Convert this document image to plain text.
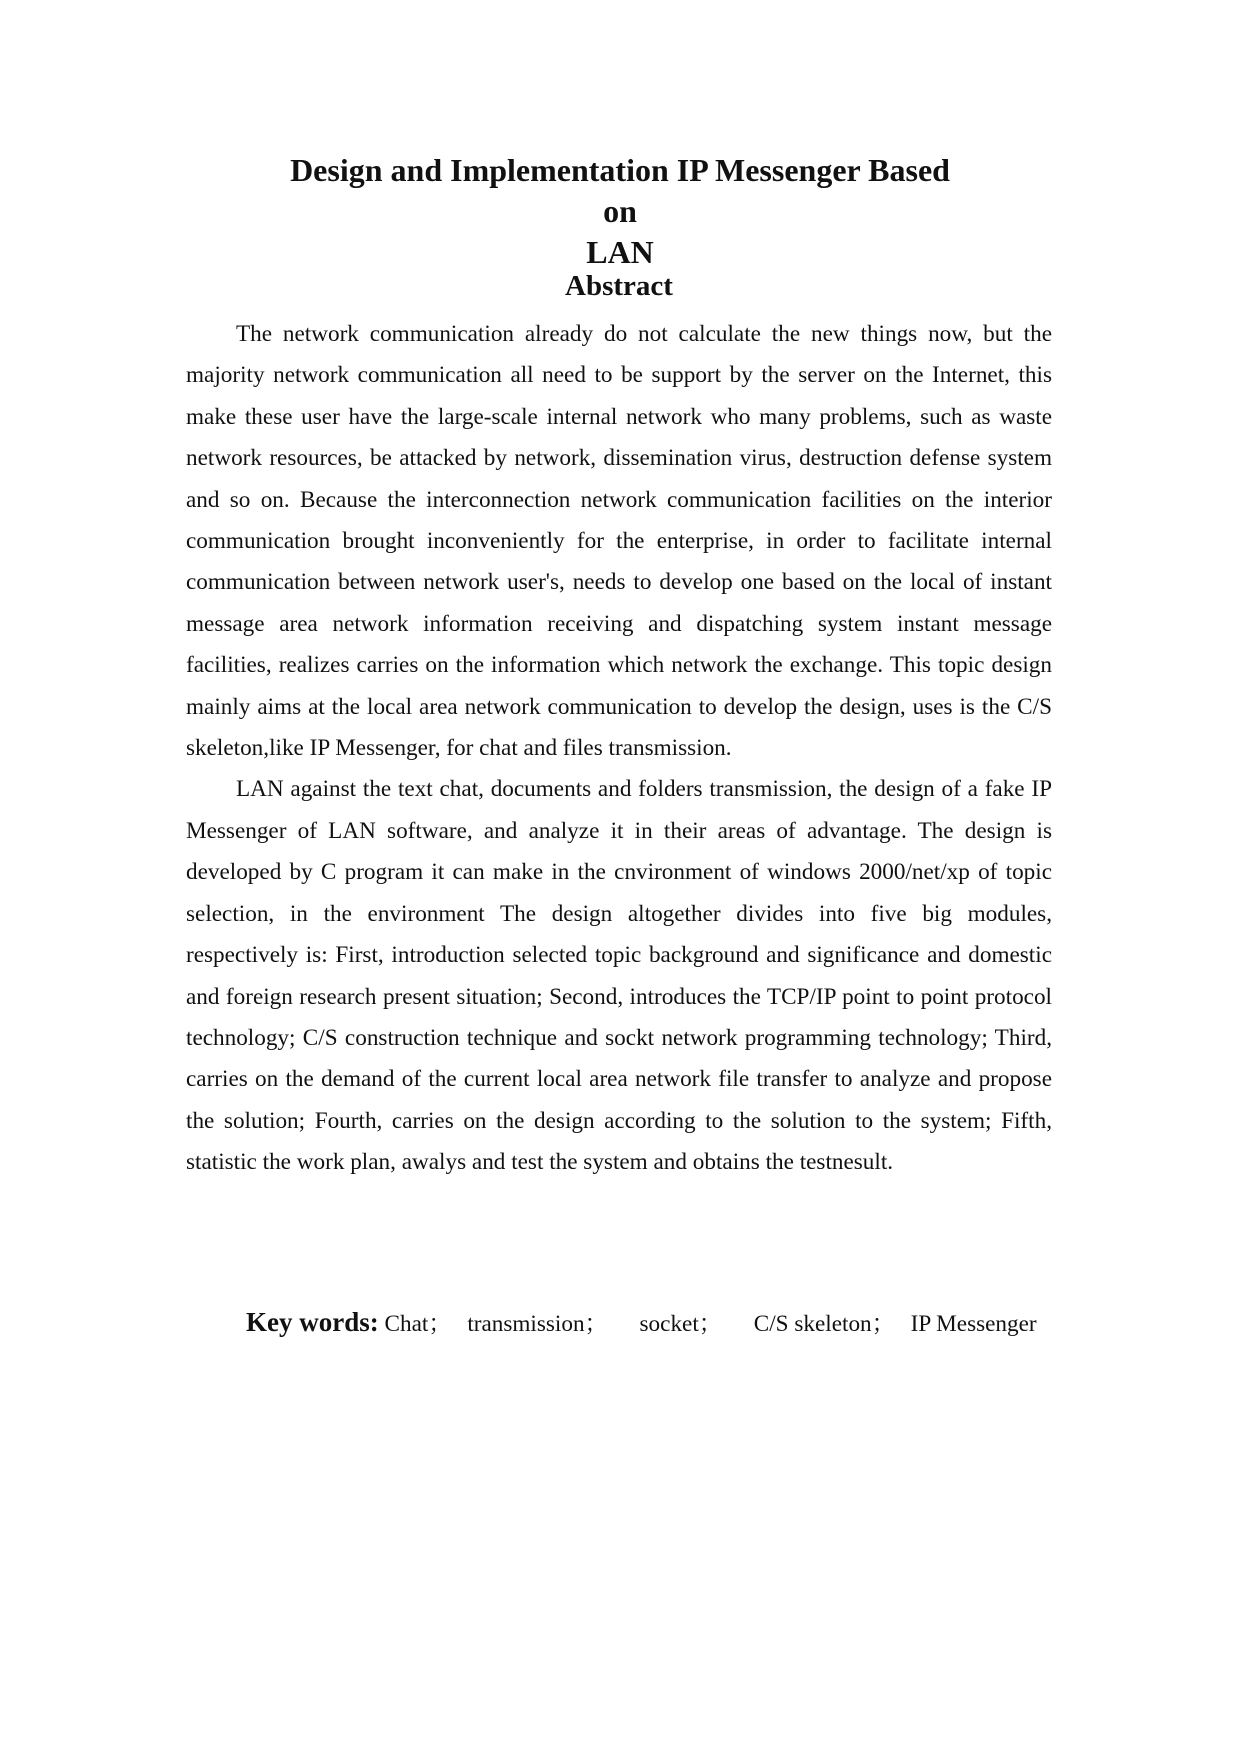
Design and Implementation IP Messenger Based on
LAN
Abstract

The network communication already do not calculate the new things now, but the majority network communication all need to be support by the server on the Internet, this make these user have the large-scale internal network who many problems, such as waste network resources, be attacked by network, dissemination virus, destruction defense system and so on. Because the interconnection network communication facilities on the interior communication brought inconveniently for the enterprise, in order to facilitate internal communication between network user's, needs to develop one based on the local of instant message area network information receiving and dispatching system instant message facilities, realizes carries on the information which network the exchange. This topic design mainly aims at the local area network communication to develop the design, uses is the C/S skeleton,like IP Messenger, for chat and files transmission.

LAN against the text chat, documents and folders transmission, the design of a fake IP Messenger of LAN software, and analyze it in their areas of advantage. The design is developed by C program it can make in the cnvironment of windows 2000/net/xp of topic selection, in the environment The design altogether divides into five big modules, respectively is: First, introduction selected topic background and significance and domestic and foreign research present situation; Second, introduces the TCP/IP point to point protocol technology; C/S construction technique and sockt network programming technology; Third, carries on the demand of the current local area network file transfer to analyze and propose the solution; Fourth, carries on the design according to the solution to the system; Fifth, statistic the work plan, awalys and test the system and obtains the testnesult.

Key words: Chat； transmission； socket； C/S skeleton； IP Messenger
